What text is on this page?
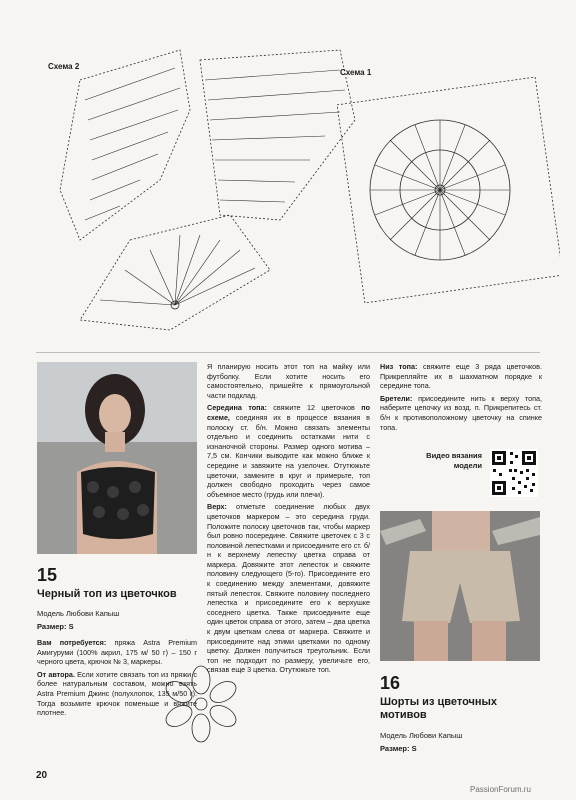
Схема 2
Схема 1
15
Черный топ из цветочков
Модель Любови Капыш
Размер: S

Вам потребуется: пряжа Astra Premium Амигуруми (100% акрил, 175 м/ 50 г) – 150 г черного цвета, крючок № 3, маркеры.

От автора. Если хотите связать топ из пряжи с более натуральным составом, можно взять Astra Premium Джинс (полухлопок, 135 м/50 г). Тогда возьмите крючок поменьше и вяжите плотнее.

Я планирую носить этот топ на майку или футболку. Если хотите носить его самостоятельно, пришейте к прямоугольной части подклад.

Середина топа: свяжите 12 цветочков по схеме, соединяя их в процессе вязания в полоску ст. б/н. Можно связать элементы отдельно и соединить остатками нити с изнаночной стороны. Размер одного мотива – 7,5 см. Кончики выводите как можно ближе к середине и завяжите на узелочек. Отутюжьте цветочки, замкните в круг и примерьте, топ должен свободно проходить через самое объемное место (грудь или плечи).

Верх: отметьте соединение любых двух цветочков маркером – это середина груди. Положите полоску цветочков так, чтобы маркер был ровно посередине. Свяжите цветочек с 3 с половиной лепестками и присоедините его ст. б/н к верхнему лепестку цветка справа от маркера. Довяжите этот лепесток и свяжите половину следующего (5-го). Присоедините его к соединению между элементами, довяжите пятый лепесток. Свяжите половину последнего лепестка и присоедините его к верхушке соседнего цветка. Также присоедините еще один цветок справа от этого, затем – два цветка к двум цветкам слева от маркера. Свяжите и присоедините над этими цветками по одному цветку. Должен получиться треугольник. Если топ не подходит по размеру, увеличьте его, связав еще 3 цветка. Отутюжьте топ.

Низ топа: свяжите еще 3 ряда цветочков. Прикрепляйте их в шахматном порядке к середине топа.

Бретели: присоедините нить к верху топа, наберите цепочку из возд. п. Прикрепитесь ст. б/н к противоположному цветочку на спинке топа.

Видео вязания
модели
16
Шорты из цветочных
мотивов
Модель Любови Капыш
Размер: S
20
PassionForum.ru
